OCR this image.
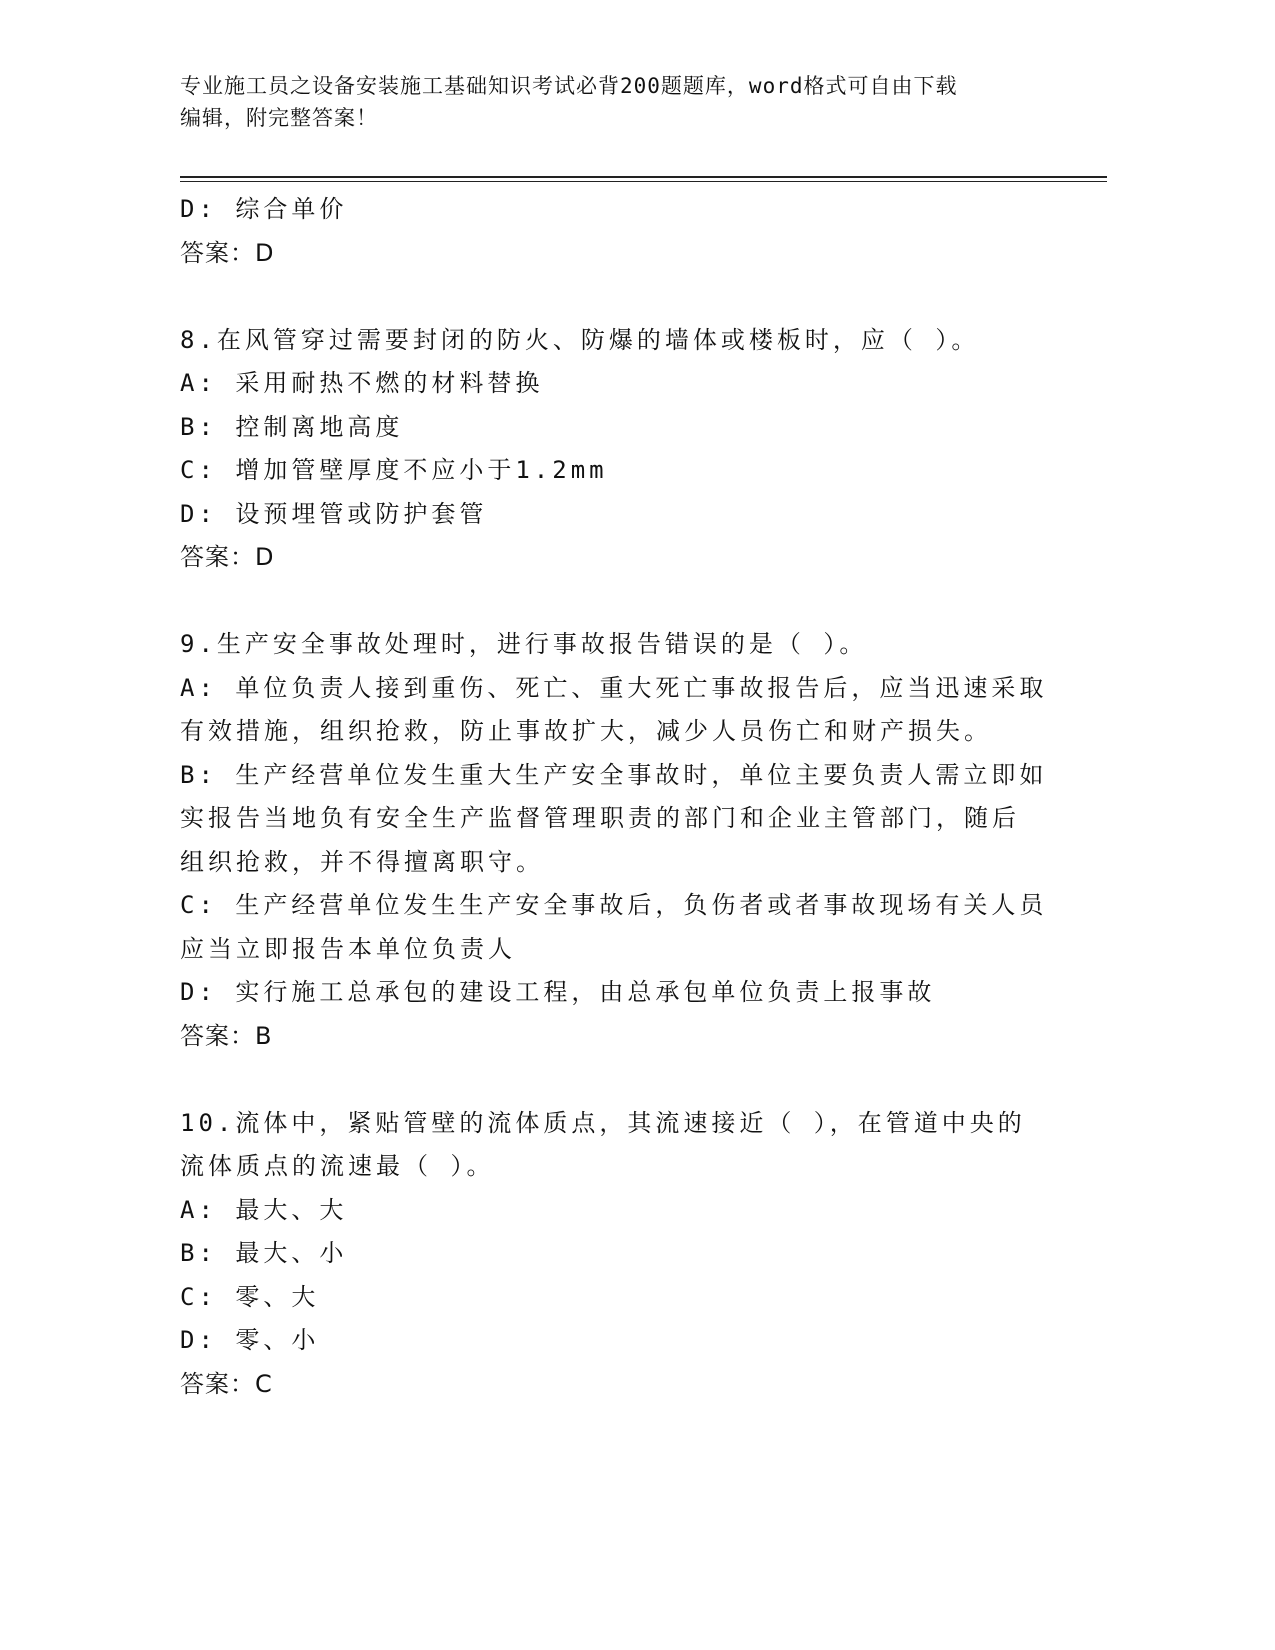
专业施工员之设备安装施工基础知识考试必背200题题库，word格式可自由下载
编辑，附完整答案！
D: 综合单价
答案：D
8.在风管穿过需要封闭的防火、防爆的墙体或楼板时，应（ ）。
A: 采用耐热不燃的材料替换
B: 控制离地高度
C: 增加管壁厚度不应小于1.2mm
D: 设预埋管或防护套管
答案：D
9.生产安全事故处理时，进行事故报告错误的是（ ）。
A: 单位负责人接到重伤、死亡、重大死亡事故报告后，应当迅速采取
有效措施，组织抢救，防止事故扩大，减少人员伤亡和财产损失。
B: 生产经营单位发生重大生产安全事故时，单位主要负责人需立即如
实报告当地负有安全生产监督管理职责的部门和企业主管部门，随后
组织抢救，并不得擅离职守。
C: 生产经营单位发生生产安全事故后，负伤者或者事故现场有关人员
应当立即报告本单位负责人
D: 实行施工总承包的建设工程，由总承包单位负责上报事故
答案：B
10.流体中，紧贴管壁的流体质点，其流速接近（ ），在管道中央的
流体质点的流速最（ ）。
A: 最大、大
B: 最大、小
C: 零、大
D: 零、小
答案：C
